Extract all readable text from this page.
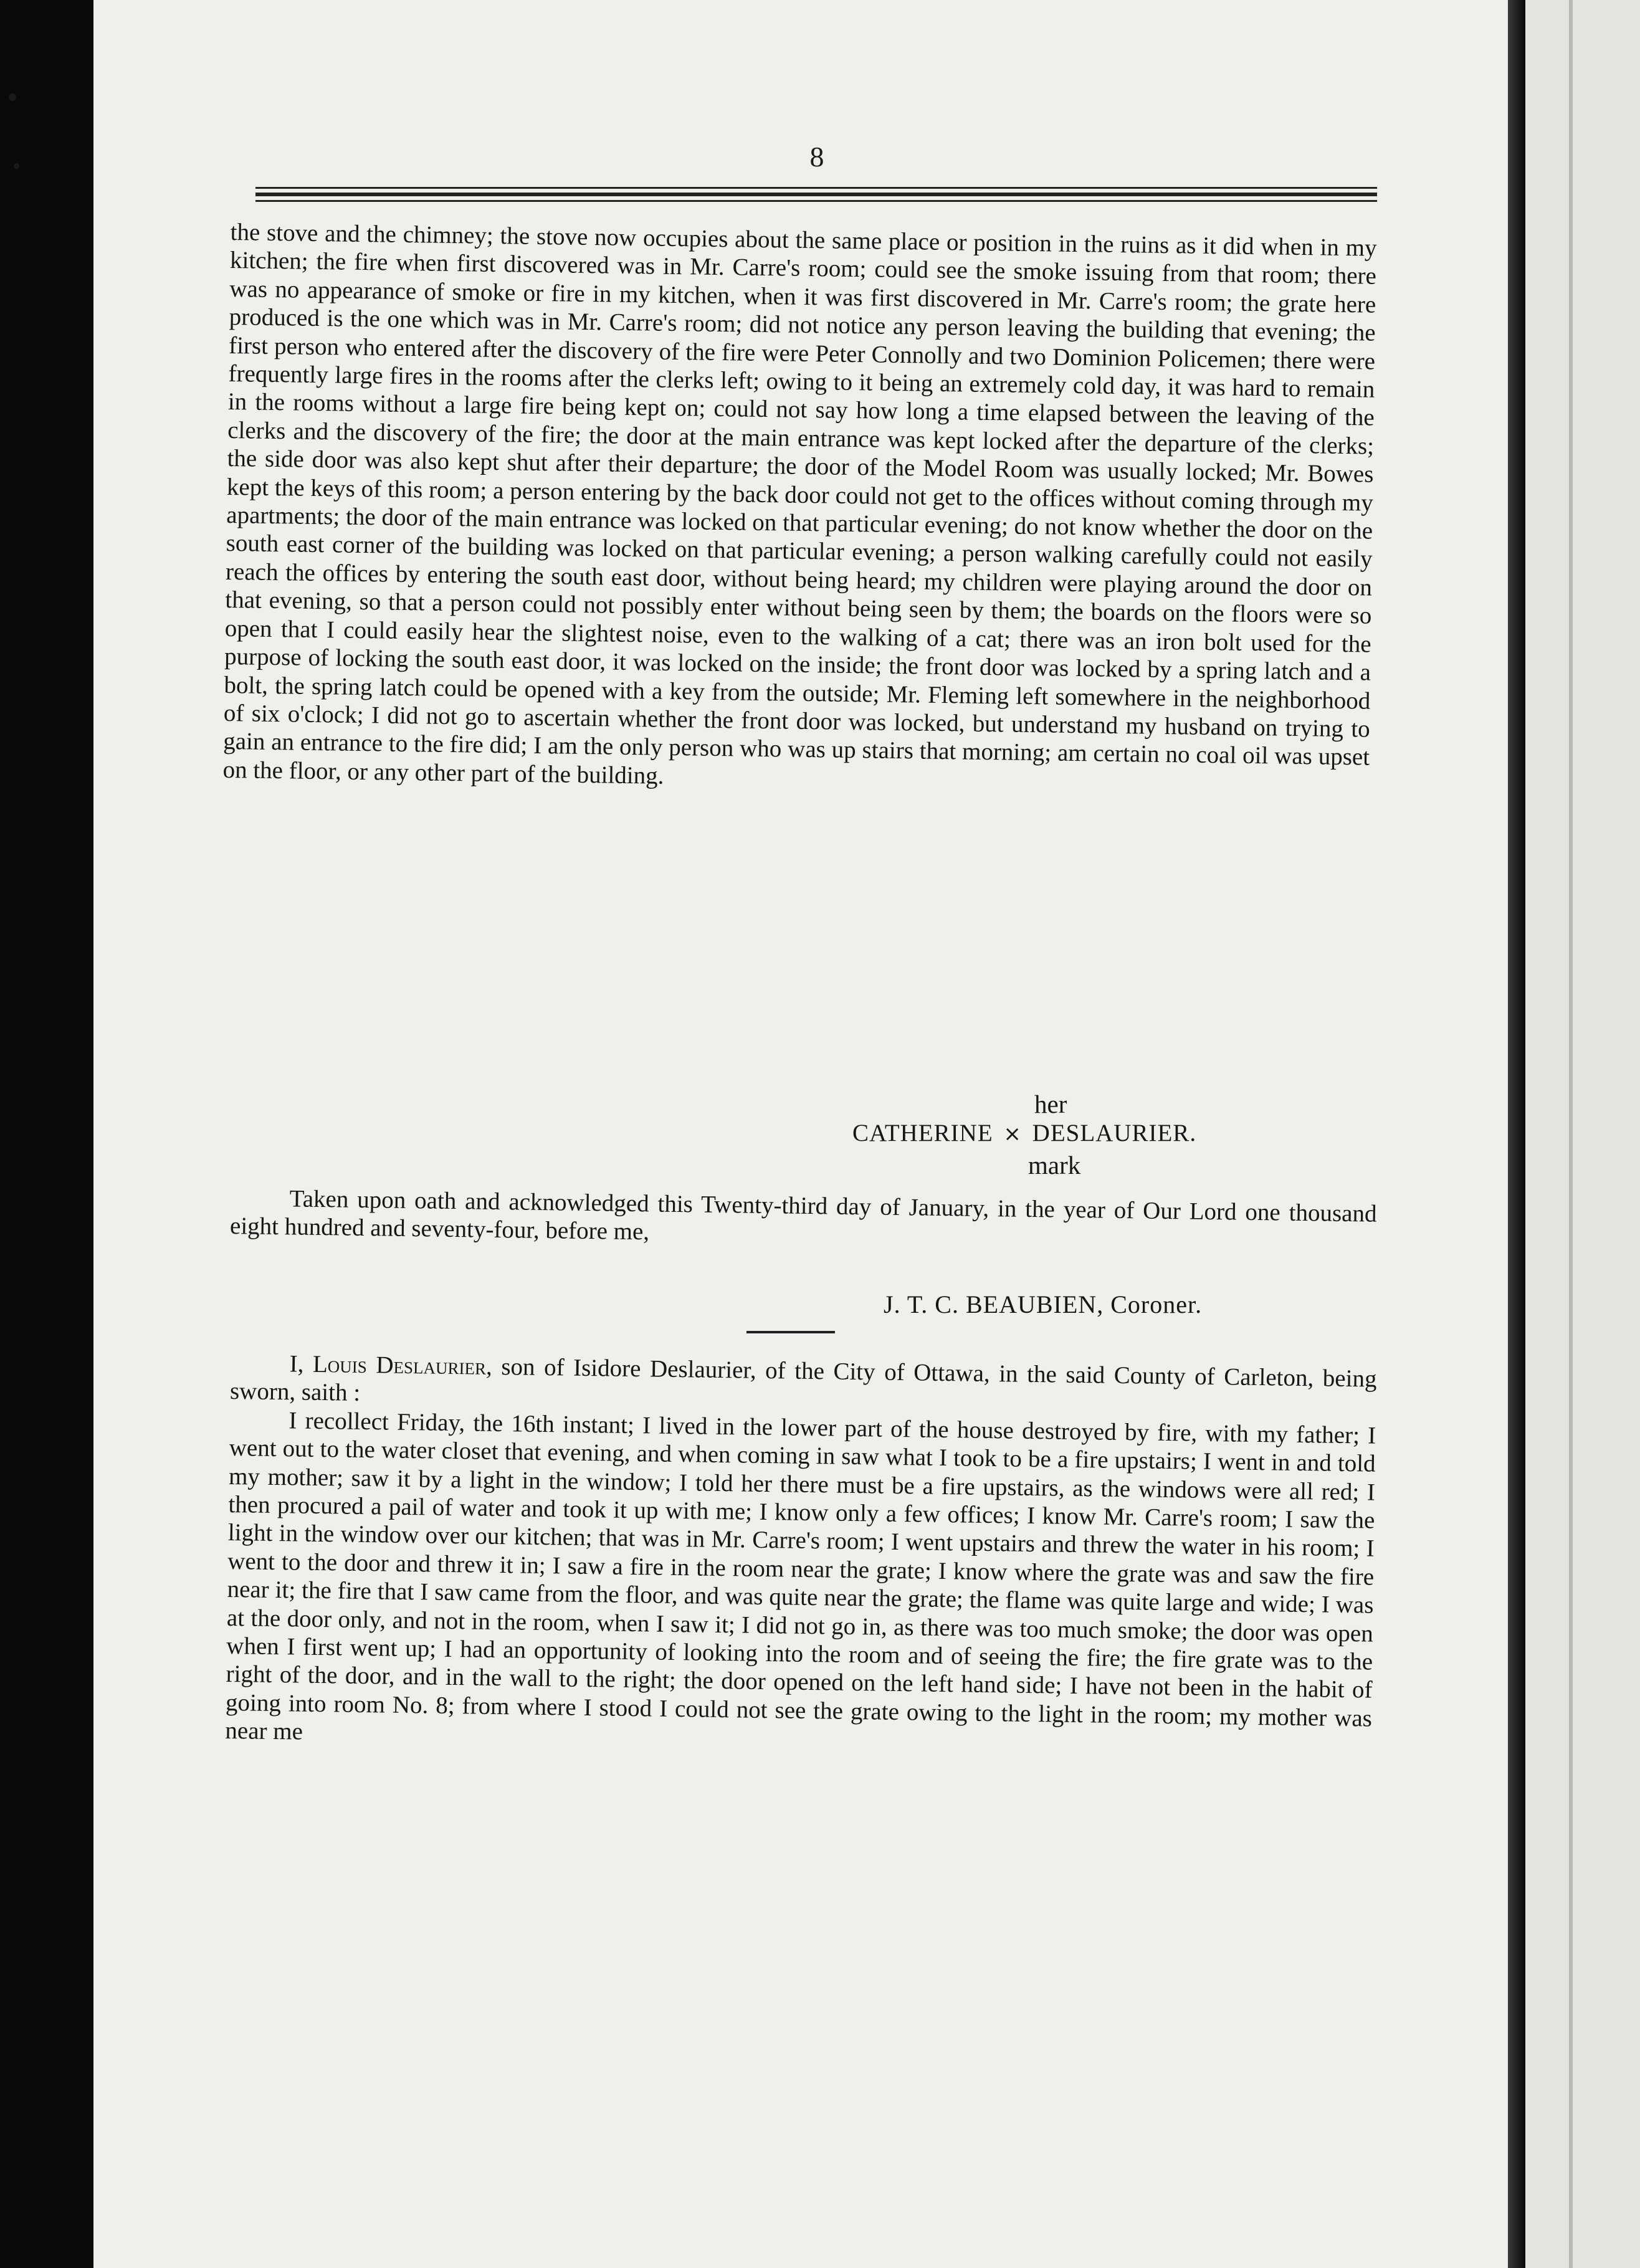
8

the stove and the chimney; the stove now occupies about the same place or position in the ruins as it did when in my kitchen; the fire when first discovered was in Mr. Carre's room; could see the smoke issuing from that room; there was no appearance of smoke or fire in my kitchen, when it was first discovered in Mr. Carre's room; the grate here produced is the one which was in Mr. Carre's room; did not notice any person leaving the building that evening; the first person who entered after the discovery of the fire were Peter Connolly and two Dominion Policemen; there were frequently large fires in the rooms after the clerks left; owing to it being an extremely cold day, it was hard to remain in the rooms without a large fire being kept on; could not say how long a time elapsed between the leaving of the clerks and the discovery of the fire; the door at the main entrance was kept locked after the departure of the clerks; the side door was also kept shut after their departure; the door of the Model Room was usually locked; Mr. Bowes kept the keys of this room; a person entering by the back door could not get to the offices without coming through my apartments; the door of the main entrance was locked on that particular evening; do not know whether the door on the south east corner of the building was locked on that particular evening; a person walking carefully could not easily reach the offices by entering the south east door, without being heard; my children were playing around the door on that evening, so that a person could not possibly enter without being seen by them; the boards on the floors were so open that I could easily hear the slightest noise, even to the walking of a cat; there was an iron bolt used for the purpose of locking the south east door, it was locked on the inside; the front door was locked by a spring latch and a bolt, the spring latch could be opened with a key from the outside; Mr. Fleming left somewhere in the neighborhood of six o'clock; I did not go to ascertain whether the front door was locked, but understand my husband on trying to gain an entrance to the fire did; I am the only person who was up stairs that morning; am certain no coal oil was upset on the floor, or any other part of the building.

her
CATHERINE × DESLAURIER.
mark

Taken upon oath and acknowledged this Twenty-third day of January, in the year of Our Lord one thousand eight hundred and seventy-four, before me,

J. T. C. BEAUBIEN, Coroner.

I, Louis Deslaurier, son of Isidore Deslaurier, of the City of Ottawa, in the said County of Carleton, being sworn, saith :

I recollect Friday, the 16th instant; I lived in the lower part of the house destroyed by fire, with my father; I went out to the water closet that evening, and when coming in saw what I took to be a fire upstairs; I went in and told my mother; saw it by a light in the window; I told her there must be a fire upstairs, as the windows were all red; I then procured a pail of water and took it up with me; I know only a few offices; I know Mr. Carre's room; I saw the light in the window over our kitchen; that was in Mr. Carre's room; I went upstairs and threw the water in his room; I went to the door and threw it in; I saw a fire in the room near the grate; I know where the grate was and saw the fire near it; the fire that I saw came from the floor, and was quite near the grate; the flame was quite large and wide; I was at the door only, and not in the room, when I saw it; I did not go in, as there was too much smoke; the door was open when I first went up; I had an opportunity of looking into the room and of seeing the fire; the fire grate was to the right of the door, and in the wall to the right; the door opened on the left hand side; I have not been in the habit of going into room No. 8; from where I stood I could not see the grate owing to the light in the room; my mother was near me
